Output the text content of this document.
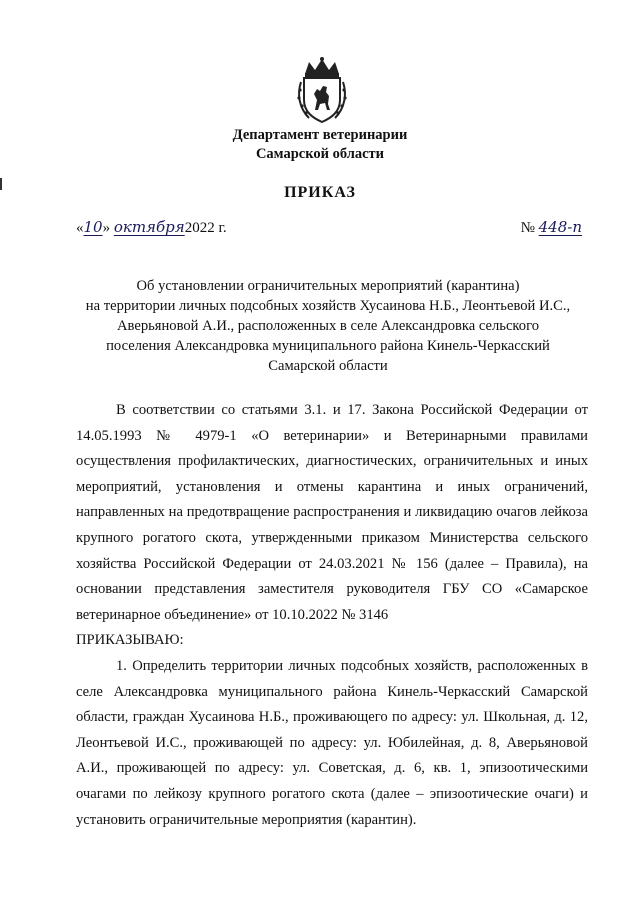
Департамент ветеринарии
Самарской области
ПРИКАЗ
«10» октября2022 г.	№ 448-п
Об установлении ограничительных мероприятий (карантина)
на территории личных подсобных хозяйств Хусаинова Н.Б., Леонтьевой И.С.,
Аверьяновой А.И., расположенных в селе Александровка сельского
поселения Александровка муниципального района Кинель-Черкасский
Самарской области

В соответствии со статьями 3.1. и 17. Закона Российской Федерации от 14.05.1993 № 4979-1 «О ветеринарии» и Ветеринарными правилами осуществления профилактических, диагностических, ограничительных и иных мероприятий, установления и отмены карантина и иных ограничений, направленных на предотвращение распространения и ликвидацию очагов лейкоза крупного рогатого скота, утвержденными приказом Министерства сельского хозяйства Российской Федерации от 24.03.2021 № 156 (далее – Правила), на основании представления заместителя руководителя ГБУ СО «Самарское ветеринарное объединение» от 10.10.2022 № 3146

ПРИКАЗЫВАЮ:

1. Определить территории личных подсобных хозяйств, расположенных в селе Александровка муниципального района Кинель-Черкасский Самарской области, граждан Хусаинова Н.Б., проживающего по адресу: ул. Школьная, д. 12, Леонтьевой И.С., проживающей по адресу: ул. Юбилейная, д. 8, Аверьяновой А.И., проживающей по адресу: ул. Советская, д. 6, кв. 1, эпизоотическими очагами по лейкозу крупного рогатого скота (далее – эпизоотические очаги) и установить ограничительные мероприятия (карантин).
